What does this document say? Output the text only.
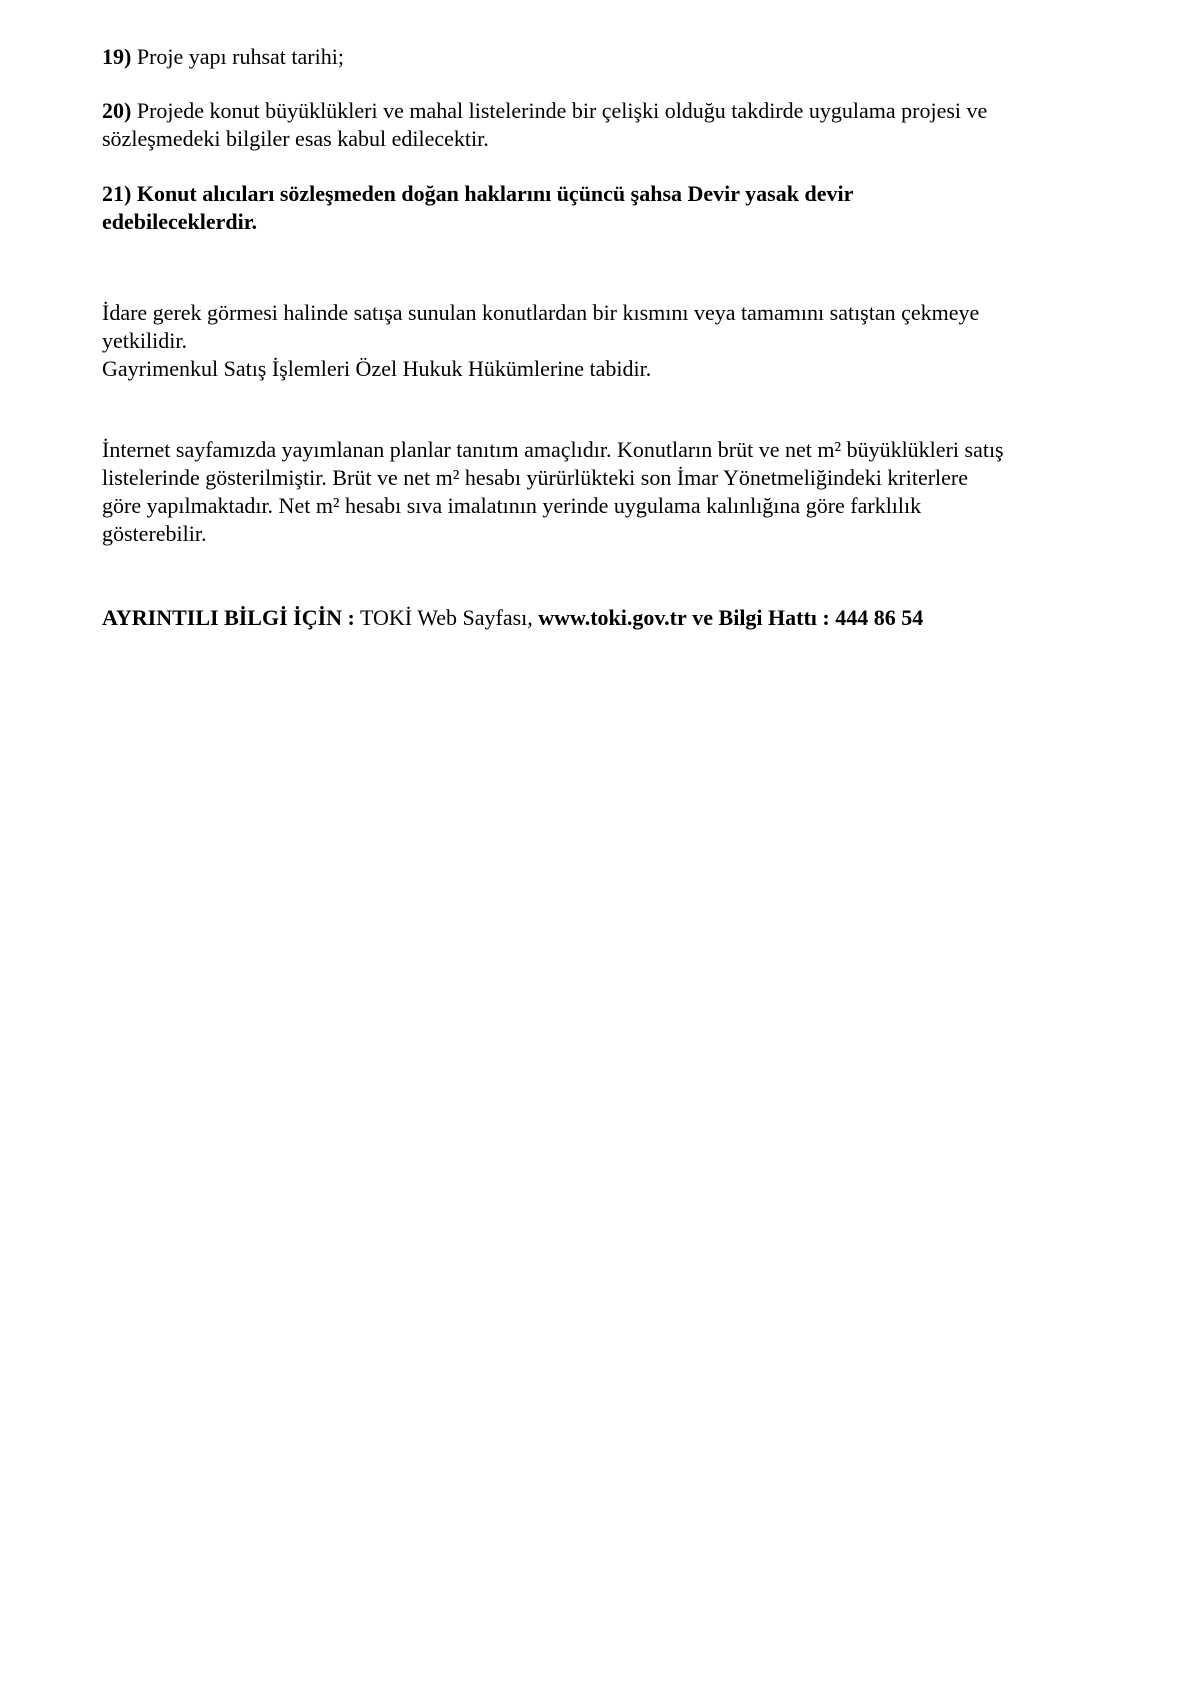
19) Proje yapı ruhsat tarihi;
20) Projede konut büyüklükleri ve mahal listelerinde bir çelişki olduğu takdirde uygulama projesi ve
sözleşmedeki bilgiler esas kabul edilecektir.
21) Konut alıcıları sözleşmeden doğan haklarını üçüncü şahsa Devir yasak devir
edebileceklerdir.
İdare gerek görmesi halinde satışa sunulan konutlardan bir kısmını veya tamamını satıştan çekmeye
yetkilidir.
Gayrimenkul Satış İşlemleri Özel Hukuk Hükümlerine tabidir.
İnternet sayfamızda yayımlanan planlar tanıtım amaçlıdır. Konutların brüt ve net m² büyüklükleri satış
listelerinde gösterilmiştir. Brüt ve net m² hesabı yürürlükteki son İmar Yönetmeliğindeki kriterlere
göre yapılmaktadır. Net m² hesabı sıva imalatının yerinde uygulama kalınlığına göre farklılık
gösterebilir.
AYRINTILI BİLGİ İÇİN : TOKİ Web Sayfası, www.toki.gov.tr ve Bilgi Hattı : 444 86 54
